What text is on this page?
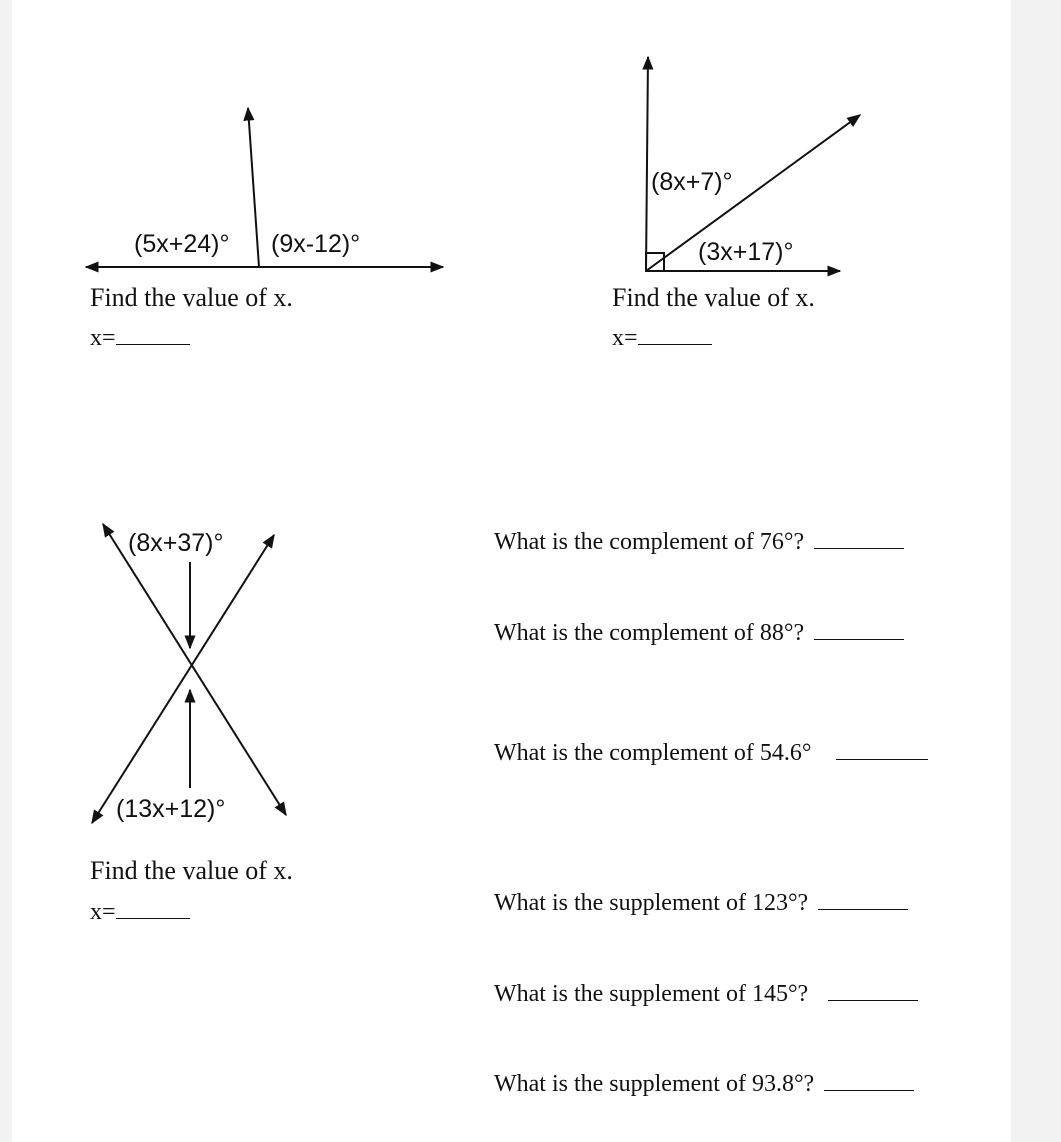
(5x+24)° (9x-12)°
(8x+7)°
(3x+17)°
(8x+37)°
(13x+12)°
Find the value of x.
x=
Find the value of x.
x=
Find the value of x.
x=
What is the complement of 76°?
What is the complement of 88°?
What is the complement of 54.6°
What is the supplement of 123°?
What is the supplement of 145°?
What is the supplement of 93.8°?
